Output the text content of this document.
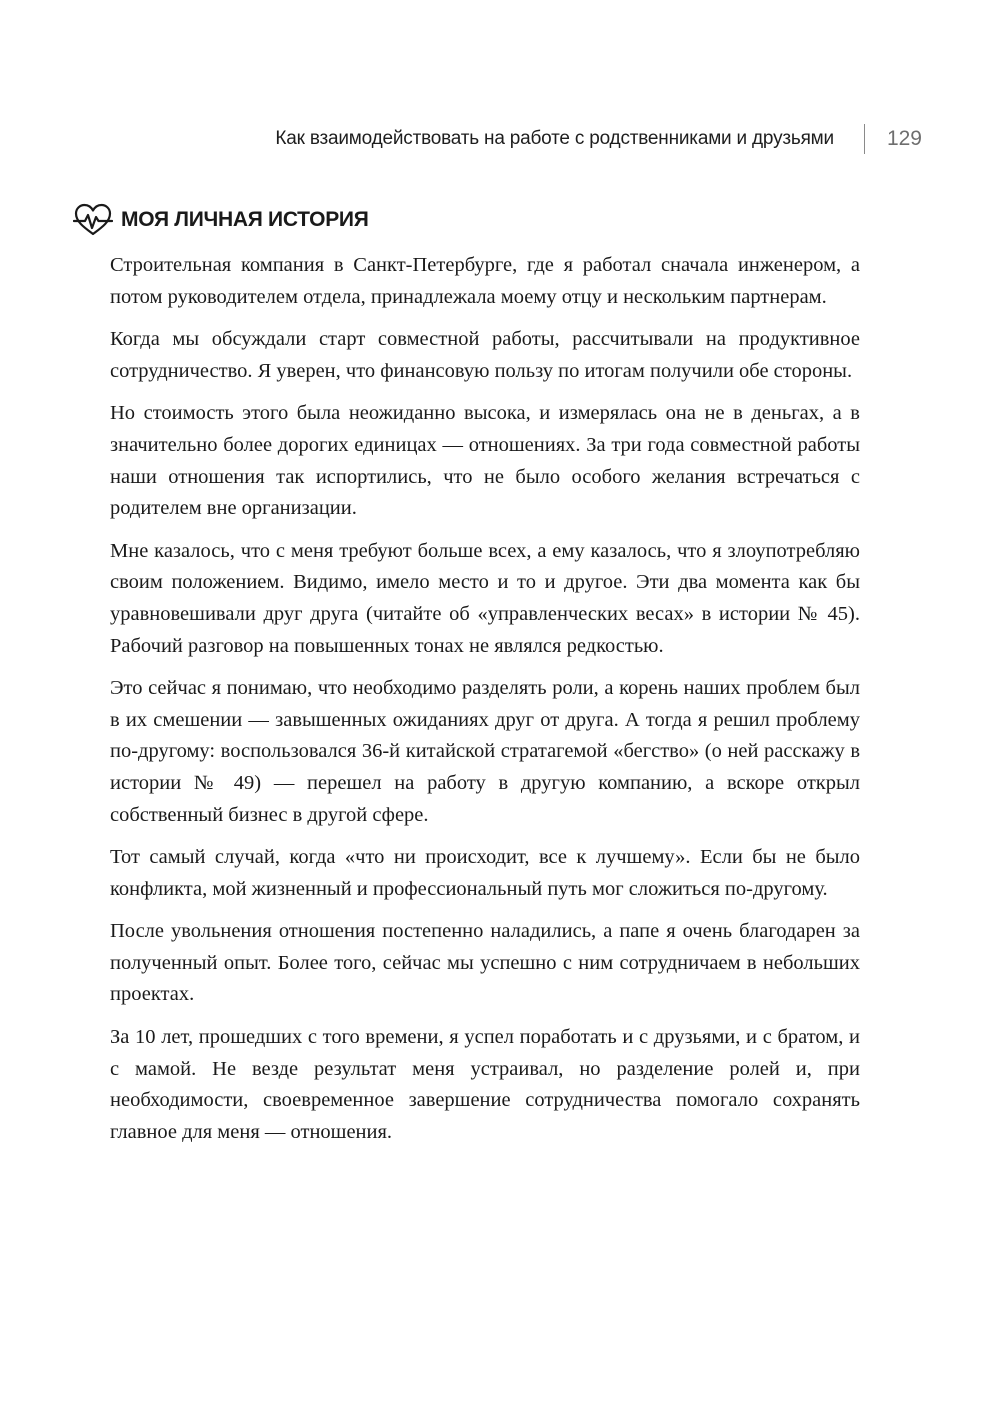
Как взаимодействовать на работе с родственниками и друзьями	129
МОЯ ЛИЧНАЯ ИСТОРИЯ

Строительная компания в Санкт-Петербурге, где я работал сначала инженером, а потом руководителем отдела, принадлежала моему отцу и нескольким партнерам.

Когда мы обсуждали старт совместной работы, рассчитывали на продуктивное сотрудничество. Я уверен, что финансовую пользу по итогам получили обе стороны.

Но стоимость этого была неожиданно высока, и измерялась она не в деньгах, а в значительно более дорогих единицах — отношениях. За три года совместной работы наши отношения так испортились, что не было особого желания встречаться с родителем вне организации.

Мне казалось, что с меня требуют больше всех, а ему казалось, что я злоупотребляю своим положением. Видимо, имело место и то и другое. Эти два момента как бы уравновешивали друг друга (читайте об «управленческих весах» в истории № 45). Рабочий разговор на повышенных тонах не являлся редкостью.

Это сейчас я понимаю, что необходимо разделять роли, а корень наших проблем был в их смешении — завышенных ожиданиях друг от друга. А тогда я решил проблему по-другому: воспользовался 36-й китайской стратагемой «бегство» (о ней расскажу в истории № 49) — перешел на работу в другую компанию, а вскоре открыл собственный бизнес в другой сфере.

Тот самый случай, когда «что ни происходит, все к лучшему». Если бы не было конфликта, мой жизненный и профессиональный путь мог сложиться по-другому.

После увольнения отношения постепенно наладились, а папе я очень благодарен за полученный опыт. Более того, сейчас мы успешно с ним сотрудничаем в небольших проектах.

За 10 лет, прошедших с того времени, я успел поработать и с друзьями, и с братом, и с мамой. Не везде результат меня устраивал, но разделение ролей и, при необходимости, своевременное завершение сотрудничества помогало сохранять главное для меня — отношения.
